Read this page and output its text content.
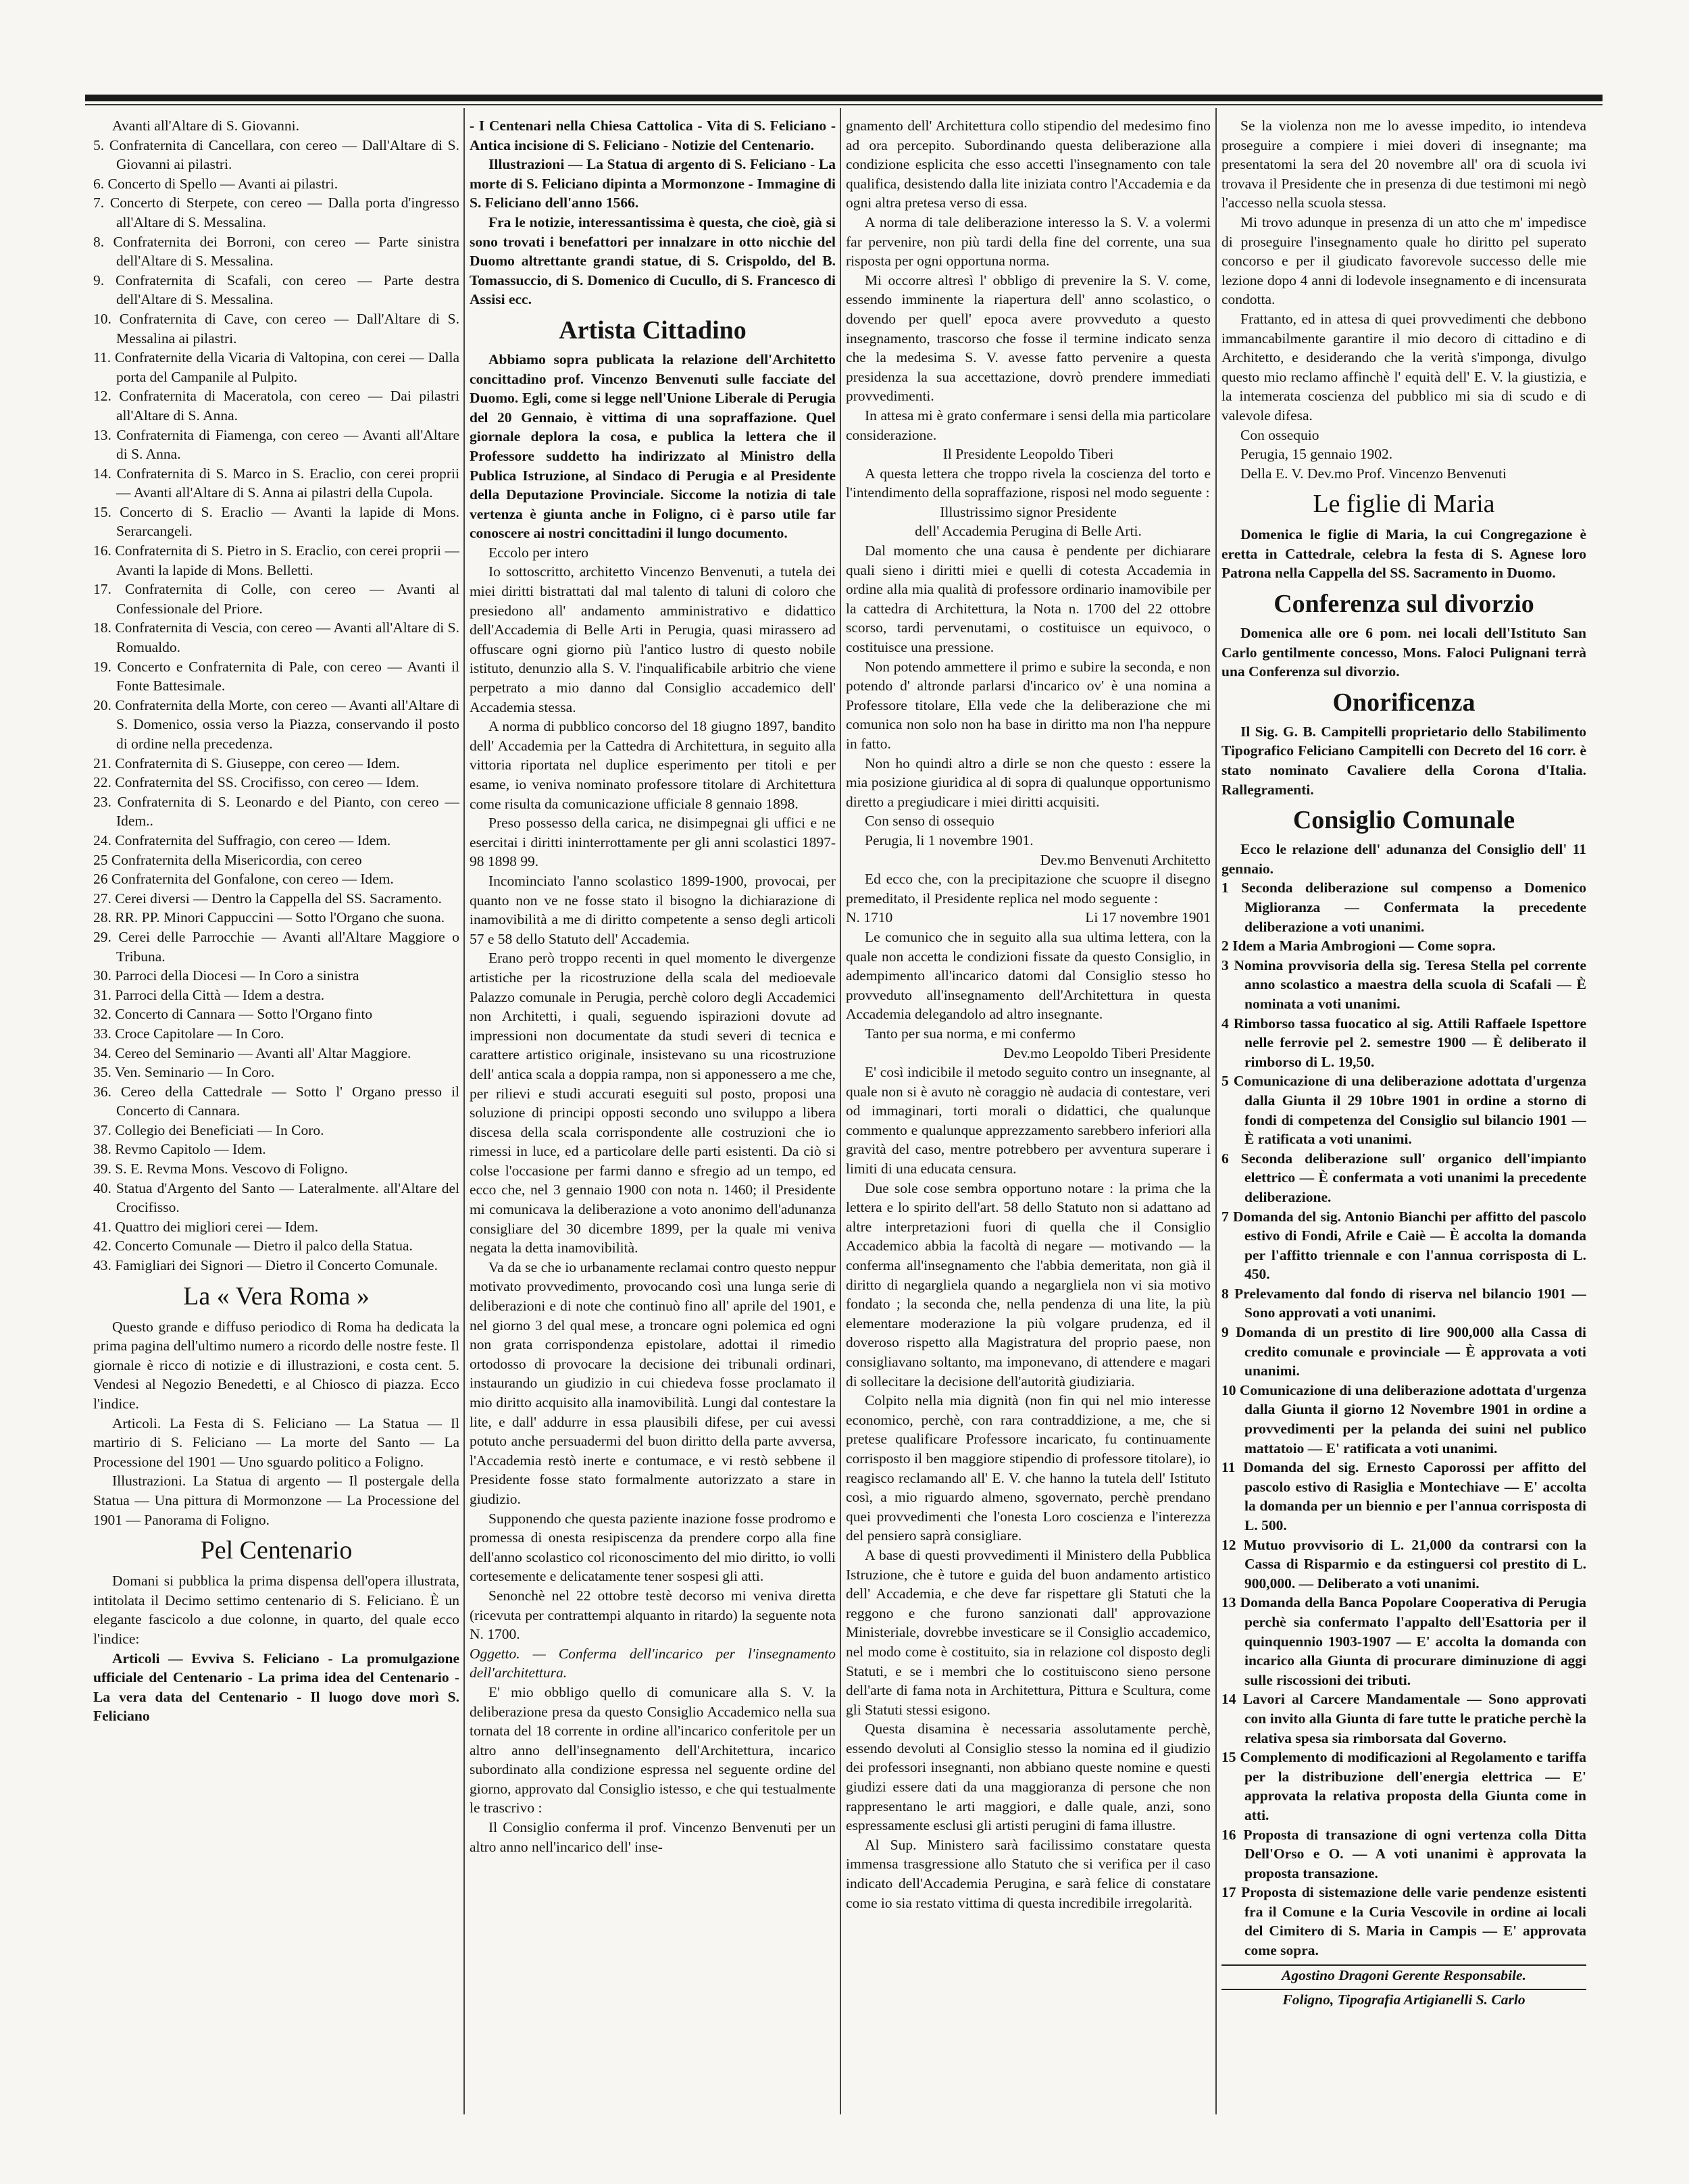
Avanti all'Altare di S. Giovanni.

5. Confraternita di Cancellara, con cereo — Dall'Altare di S. Giovanni ai pilastri.

6. Concerto di Spello — Avanti ai pilastri.

7. Concerto di Sterpete, con cereo — Dalla porta d'ingresso all'Altare di S. Messalina.

8. Confraternita dei Borroni, con cereo — Parte sinistra dell'Altare di S. Messalina.

9. Confraternita di Scafali, con cereo — Parte destra dell'Altare di S. Messalina.

10. Confraternita di Cave, con cereo — Dall'Altare di S. Messalina ai pilastri.

11. Confraternite della Vicaria di Valtopina, con cerei — Dalla porta del Campanile al Pulpito.

12. Confraternita di Maceratola, con cereo — Dai pilastri all'Altare di S. Anna.

13. Confraternita di Fiamenga, con cereo — Avanti all'Altare di S. Anna.

14. Confraternita di S. Marco in S. Eraclio, con cerei proprii — Avanti all'Altare di S. Anna ai pilastri della Cupola.

15. Concerto di S. Eraclio — Avanti la lapide di Mons. Serarcangeli.

16. Confraternita di S. Pietro in S. Eraclio, con cerei proprii — Avanti la lapide di Mons. Belletti.

17. Confraternita di Colle, con cereo — Avanti al Confessionale del Priore.

18. Confraternita di Vescia, con cereo — Avanti all'Altare di S. Romualdo.

19. Concerto e Confraternita di Pale, con cereo — Avanti il Fonte Battesimale.

20. Confraternita della Morte, con cereo — Avanti all'Altare di S. Domenico, ossia verso la Piazza, conservando il posto di ordine nella precedenza.

21. Confraternita di S. Giuseppe, con cereo — Idem.

22. Confraternita del SS. Crocifisso, con cereo — Idem.

23. Confraternita di S. Leonardo e del Pianto, con cereo — Idem..

24. Confraternita del Suffragio, con cereo — Idem.

25 Confraternita della Misericordia, con cereo

26 Confraternita del Gonfalone, con cereo — Idem.

27. Cerei diversi — Dentro la Cappella del SS. Sacramento.

28. RR. PP. Minori Cappuccini — Sotto l'Organo che suona.

29. Cerei delle Parrocchie — Avanti all'Altare Maggiore o Tribuna.

30. Parroci della Diocesi — In Coro a sinistra

31. Parroci della Città — Idem a destra.

32. Concerto di Cannara — Sotto l'Organo finto

33. Croce Capitolare — In Coro.

34. Cereo del Seminario — Avanti all' Altar Maggiore.

35. Ven. Seminario — In Coro.

36. Cereo della Cattedrale — Sotto l' Organo presso il Concerto di Cannara.

37. Collegio dei Beneficiati — In Coro.

38. Revmo Capitolo — Idem.

39. S. E. Revma Mons. Vescovo di Foligno.

40. Statua d'Argento del Santo — Lateralmente. all'Altare del Crocifisso.

41. Quattro dei migliori cerei — Idem.

42. Concerto Comunale — Dietro il palco della Statua.

43. Famigliari dei Signori — Dietro il Concerto Comunale.

La « Vera Roma »

Questo grande e diffuso periodico di Roma ha dedicata la prima pagina dell'ultimo numero a ricordo delle nostre feste. Il giornale è ricco di notizie e di illustrazioni, e costa cent. 5. Vendesi al Negozio Benedetti, e al Chiosco di piazza. Ecco l'indice.

Articoli. La Festa di S. Feliciano — La Statua — Il martirio di S. Feliciano — La morte del Santo — La Processione del 1901 — Uno sguardo politico a Foligno.

Illustrazioni. La Statua di argento — Il postergale della Statua — Una pittura di Mormonzone — La Processione del 1901 — Panorama di Foligno.

Pel Centenario

Domani si pubblica la prima dispensa dell'opera illustrata, intitolata il Decimo settimo centenario di S. Feliciano. È un elegante fascicolo a due colonne, in quarto, del quale ecco l'indice:

Articoli — Evviva S. Feliciano - La promulgazione ufficiale del Centenario - La prima idea del Centenario - La vera data del Centenario - Il luogo dove morì S. Feliciano

- I Centenari nella Chiesa Cattolica - Vita di S. Feliciano - Antica incisione di S. Feliciano - Notizie del Centenario.

Illustrazioni — La Statua di argento di S. Feliciano - La morte di S. Feliciano dipinta a Mormonzone - Immagine di S. Feliciano dell'anno 1566.

Fra le notizie, interessantissima è questa, che cioè, già si sono trovati i benefattori per innalzare in otto nicchie del Duomo altrettante grandi statue, di S. Crispoldo, del B. Tomassuccio, di S. Domenico di Cucullo, di S. Francesco di Assisi ecc.

Artista Cittadino

Abbiamo sopra publicata la relazione dell'Architetto concittadino prof. Vincenzo Benvenuti sulle facciate del Duomo. Egli, come si legge nell'Unione Liberale di Perugia del 20 Gennaio, è vittima di una sopraffazione. Quel giornale deplora la cosa, e publica la lettera che il Professore suddetto ha indirizzato al Ministro della Publica Istruzione, al Sindaco di Perugia e al Presidente della Deputazione Provinciale. Siccome la notizia di tale vertenza è giunta anche in Foligno, ci è parso utile far conoscere ai nostri concittadini il lungo documento.

Eccolo per intero

Io sottoscritto, architetto Vincenzo Benvenuti, a tutela dei miei diritti bistrattati dal mal talento di taluni di coloro che presiedono all' andamento amministrativo e didattico dell'Accademia di Belle Arti in Perugia, quasi mirassero ad offuscare ogni giorno più l'antico lustro di questo nobile istituto, denunzio alla S. V. l'inqualificabile arbitrio che viene perpetrato a mio danno dal Consiglio accademico dell' Accademia stessa.

A norma di pubblico concorso del 18 giugno 1897, bandito dell' Accademia per la Cattedra di Architettura, in seguito alla vittoria riportata nel duplice esperimento per titoli e per esame, io veniva nominato professore titolare di Architettura come risulta da comunicazione ufficiale 8 gennaio 1898.

Preso possesso della carica, ne disimpegnai gli uffici e ne esercitai i diritti ininterrottamente per gli anni scolastici 1897-98 1898 99.

Incominciato l'anno scolastico 1899-1900, provocai, per quanto non ve ne fosse stato il bisogno la dichiarazione di inamovibilità a me di diritto competente a senso degli articoli 57 e 58 dello Statuto dell' Accademia.

Erano però troppo recenti in quel momento le divergenze artistiche per la ricostruzione della scala del medioevale Palazzo comunale in Perugia, perchè coloro degli Accademici non Architetti, i quali, seguendo ispirazioni dovute ad impressioni non documentate da studi severi di tecnica e carattere artistico originale, insistevano su una ricostruzione dell' antica scala a doppia rampa, non si apponessero a me che, per rilievi e studi accurati eseguiti sul posto, proposi una soluzione di principi opposti secondo uno sviluppo a libera discesa della scala corrispondente alle costruzioni che io rimessi in luce, ed a particolare delle parti esistenti. Da ciò si colse l'occasione per farmi danno e sfregio ad un tempo, ed ecco che, nel 3 gennaio 1900 con nota n. 1460; il Presidente mi comunicava la deliberazione a voto anonimo dell'adunanza consigliare del 30 dicembre 1899, per la quale mi veniva negata la detta inamovibilità.

Va da se che io urbanamente reclamai contro questo neppur motivato provvedimento, provocando così una lunga serie di deliberazioni e di note che continuò fino all' aprile del 1901, e nel giorno 3 del qual mese, a troncare ogni polemica ed ogni non grata corrispondenza epistolare, adottai il rimedio ortodosso di provocare la decisione dei tribunali ordinari, instaurando un giudizio in cui chiedeva fosse proclamato il mio diritto acquisito alla inamovibilità. Lungi dal contestare la lite, e dall' addurre in essa plausibili difese, per cui avessi potuto anche persuadermi del buon diritto della parte avversa, l'Accademia restò inerte e contumace, e vi restò sebbene il Presidente fosse stato formalmente autorizzato a stare in giudizio.

Supponendo che questa paziente inazione fosse prodromo e promessa di onesta resipiscenza da prendere corpo alla fine dell'anno scolastico col riconoscimento del mio diritto, io volli cortesemente e delicatamente tener sospesi gli atti.

Senonchè nel 22 ottobre testè decorso mi veniva diretta (ricevuta per contrattempi alquanto in ritardo) la seguente nota N. 1700.

Oggetto. — Conferma dell'incarico per l'insegnamento dell'architettura.

E' mio obbligo quello di comunicare alla S. V. la deliberazione presa da questo Consiglio Accademico nella sua tornata del 18 corrente in ordine all'incarico conferitole per un altro anno dell'insegnamento dell'Architettura, incarico subordinato alla condizione espressa nel seguente ordine del giorno, approvato dal Consiglio istesso, e che qui testualmente le trascrivo :

Il Consiglio conferma il prof. Vincenzo Benvenuti per un altro anno nell'incarico dell' inse-

gnamento dell' Architettura collo stipendio del medesimo fino ad ora percepito. Subordinando questa deliberazione alla condizione esplicita che esso accetti l'insegnamento con tale qualifica, desistendo dalla lite iniziata contro l'Accademia e da ogni altra pretesa verso di essa.

A norma di tale deliberazione interesso la S. V. a volermi far pervenire, non più tardi della fine del corrente, una sua risposta per ogni opportuna norma.

Mi occorre altresì l' obbligo di prevenire la S. V. come, essendo imminente la riapertura dell' anno scolastico, o dovendo per quell' epoca avere provveduto a questo insegnamento, trascorso che fosse il termine indicato senza che la medesima S. V. avesse fatto pervenire a questa presidenza la sua accettazione, dovrò prendere immediati provvedimenti.

In attesa mi è grato confermare i sensi della mia particolare considerazione.

Il Presidente Leopoldo Tiberi

A questa lettera che troppo rivela la coscienza del torto e l'intendimento della sopraffazione, risposi nel modo seguente :

Illustrissimo signor Presidente

dell' Accademia Perugina di Belle Arti.

Dal momento che una causa è pendente per dichiarare quali sieno i diritti miei e quelli di cotesta Accademia in ordine alla mia qualità di professore ordinario inamovibile per la cattedra di Architettura, la Nota n. 1700 del 22 ottobre scorso, tardi pervenutami, o costituisce un equivoco, o costituisce una pressione.

Non potendo ammettere il primo e subire la seconda, e non potendo d' altronde parlarsi d'incarico ov' è una nomina a Professore titolare, Ella vede che la deliberazione che mi comunica non solo non ha base in diritto ma non l'ha neppure in fatto.

Non ho quindi altro a dirle se non che questo : essere la mia posizione giuridica al di sopra di qualunque opportunismo diretto a pregiudicare i miei diritti acquisiti.

Con senso di ossequio

Perugia, li 1 novembre 1901.

Dev.mo Benvenuti Architetto

Ed ecco che, con la precipitazione che scuopre il disegno premeditato, il Presidente replica nel modo seguente :

N. 1710	Li 17 novembre 1901

Le comunico che in seguito alla sua ultima lettera, con la quale non accetta le condizioni fissate da questo Consiglio, in adempimento all'incarico datomi dal Consiglio stesso ho provveduto all'insegnamento dell'Architettura in questa Accademia delegandolo ad altro insegnante.

Tanto per sua norma, e mi confermo

Dev.mo Leopoldo Tiberi Presidente

E' così indicibile il metodo seguito contro un insegnante, al quale non si è avuto nè coraggio nè audacia di contestare, veri od immaginari, torti morali o didattici, che qualunque commento e qualunque apprezzamento sarebbero inferiori alla gravità del caso, mentre potrebbero per avventura superare i limiti di una educata censura.

Due sole cose sembra opportuno notare : la prima che la lettera e lo spirito dell'art. 58 dello Statuto non si adattano ad altre interpretazioni fuori di quella che il Consiglio Accademico abbia la facoltà di negare — motivando — la conferma all'insegnamento che l'abbia demeritata, non già il diritto di negargliela quando a negargliela non vi sia motivo fondato ; la seconda che, nella pendenza di una lite, la più elementare moderazione la più volgare prudenza, ed il doveroso rispetto alla Magistratura del proprio paese, non consigliavano soltanto, ma imponevano, di attendere e magari di sollecitare la decisione dell'autorità giudiziaria.

Colpito nella mia dignità (non fin qui nel mio interesse economico, perchè, con rara contraddizione, a me, che si pretese qualificare Professore incaricato, fu continuamente corrisposto il ben maggiore stipendio di professore titolare), io reagisco reclamando all' E. V. che hanno la tutela dell' Istituto così, a mio riguardo almeno, sgovernato, perchè prendano quei provvedimenti che l'onesta Loro coscienza e l'interezza del pensiero saprà consigliare.

A base di questi provvedimenti il Ministero della Pubblica Istruzione, che è tutore e guida del buon andamento artistico dell' Accademia, e che deve far rispettare gli Statuti che la reggono e che furono sanzionati dall' approvazione Ministeriale, dovrebbe investicare se il Consiglio accademico, nel modo come è costituito, sia in relazione col disposto degli Statuti, e se i membri che lo costituiscono sieno persone dell'arte di fama nota in Architettura, Pittura e Scultura, come gli Statuti stessi esigono.

Questa disamina è necessaria assolutamente perchè, essendo devoluti al Consiglio stesso la nomina ed il giudizio dei professori insegnanti, non abbiano queste nomine e questi giudizi essere dati da una maggioranza di persone che non rappresentano le arti maggiori, e dalle quale, anzi, sono espressamente esclusi gli artisti perugini di fama illustre.

Al Sup. Ministero sarà facilissimo constatare questa immensa trasgressione allo Statuto che si verifica per il caso indicato dell'Accademia Perugina, e sarà felice di constatare come io sia restato vittima di questa incredibile irregolarità.

Se la violenza non me lo avesse impedito, io intendeva proseguire a compiere i miei doveri di insegnante; ma presentatomi la sera del 20 novembre all' ora di scuola ivi trovava il Presidente che in presenza di due testimoni mi negò l'accesso nella scuola stessa.

Mi trovo adunque in presenza di un atto che m' impedisce di proseguire l'insegnamento quale ho diritto pel superato concorso e per il giudicato favorevole successo delle mie lezione dopo 4 anni di lodevole insegnamento e di incensurata condotta.

Frattanto, ed in attesa di quei provvedimenti che debbono immancabilmente garantire il mio decoro di cittadino e di Architetto, e desiderando che la verità s'imponga, divulgo questo mio reclamo affinchè l' equità dell' E. V. la giustizia, e la intemerata coscienza del pubblico mi sia di scudo e di valevole difesa.

Con ossequio

Perugia, 15 gennaio 1902.

Della E. V. Dev.mo Prof. Vincenzo Benvenuti

Le figlie di Maria

Domenica le figlie di Maria, la cui Congregazione è eretta in Cattedrale, celebra la festa di S. Agnese loro Patrona nella Cappella del SS. Sacramento in Duomo.

Conferenza sul divorzio

Domenica alle ore 6 pom. nei locali dell'Istituto San Carlo gentilmente concesso, Mons. Faloci Pulignani terrà una Conferenza sul divorzio.

Onorificenza

Il Sig. G. B. Campitelli proprietario dello Stabilimento Tipografico Feliciano Campitelli con Decreto del 16 corr. è stato nominato Cavaliere della Corona d'Italia. Rallegramenti.

Consiglio Comunale

Ecco le relazione dell' adunanza del Consiglio dell' 11 gennaio.

1 Seconda deliberazione sul compenso a Domenico Miglioranza — Confermata la precedente deliberazione a voti unanimi.

2 Idem a Maria Ambrogioni — Come sopra.

3 Nomina provvisoria della sig. Teresa Stella pel corrente anno scolastico a maestra della scuola di Scafali — È nominata a voti unanimi.

4 Rimborso tassa fuocatico al sig. Attili Raffaele Ispettore nelle ferrovie pel 2. semestre 1900 — È deliberato il rimborso di L. 19,50.

5 Comunicazione di una deliberazione adottata d'urgenza dalla Giunta il 29 10bre 1901 in ordine a storno di fondi di competenza del Consiglio sul bilancio 1901 — È ratificata a voti unanimi.

6 Seconda deliberazione sull' organico dell'impianto elettrico — È confermata a voti unanimi la precedente deliberazione.

7 Domanda del sig. Antonio Bianchi per affitto del pascolo estivo di Fondi, Afrile e Caiè — È accolta la domanda per l'affitto triennale e con l'annua corrisposta di L. 450.

8 Prelevamento dal fondo di riserva nel bilancio 1901 — Sono approvati a voti unanimi.

9 Domanda di un prestito di lire 900,000 alla Cassa di credito comunale e provinciale — È approvata a voti unanimi.

10 Comunicazione di una deliberazione adottata d'urgenza dalla Giunta il giorno 12 Novembre 1901 in ordine a provvedimenti per la pelanda dei suini nel publico mattatoio — E' ratificata a voti unanimi.

11 Domanda del sig. Ernesto Caporossi per affitto del pascolo estivo di Rasiglia e Montechiave — E' accolta la domanda per un biennio e per l'annua corrisposta di L. 500.

12 Mutuo provvisorio di L. 21,000 da contrarsi con la Cassa di Risparmio e da estinguersi col prestito di L. 900,000. — Deliberato a voti unanimi.

13 Domanda della Banca Popolare Cooperativa di Perugia perchè sia confermato l'appalto dell'Esattoria per il quinquennio 1903-1907 — E' accolta la domanda con incarico alla Giunta di procurare diminuzione di aggi sulle riscossioni dei tributi.

14 Lavori al Carcere Mandamentale — Sono approvati con invito alla Giunta di fare tutte le pratiche perchè la relativa spesa sia rimborsata dal Governo.

15 Complemento di modificazioni al Regolamento e tariffa per la distribuzione dell'energia elettrica — E' approvata la relativa proposta della Giunta come in atti.

16 Proposta di transazione di ogni vertenza colla Ditta Dell'Orso e O. — A voti unanimi è approvata la proposta transazione.

17 Proposta di sistemazione delle varie pendenze esistenti fra il Comune e la Curia Vescovile in ordine ai locali del Cimitero di S. Maria in Campis — E' approvata come sopra.

Agostino Dragoni Gerente Responsabile.

Foligno, Tipografia Artigianelli S. Carlo
